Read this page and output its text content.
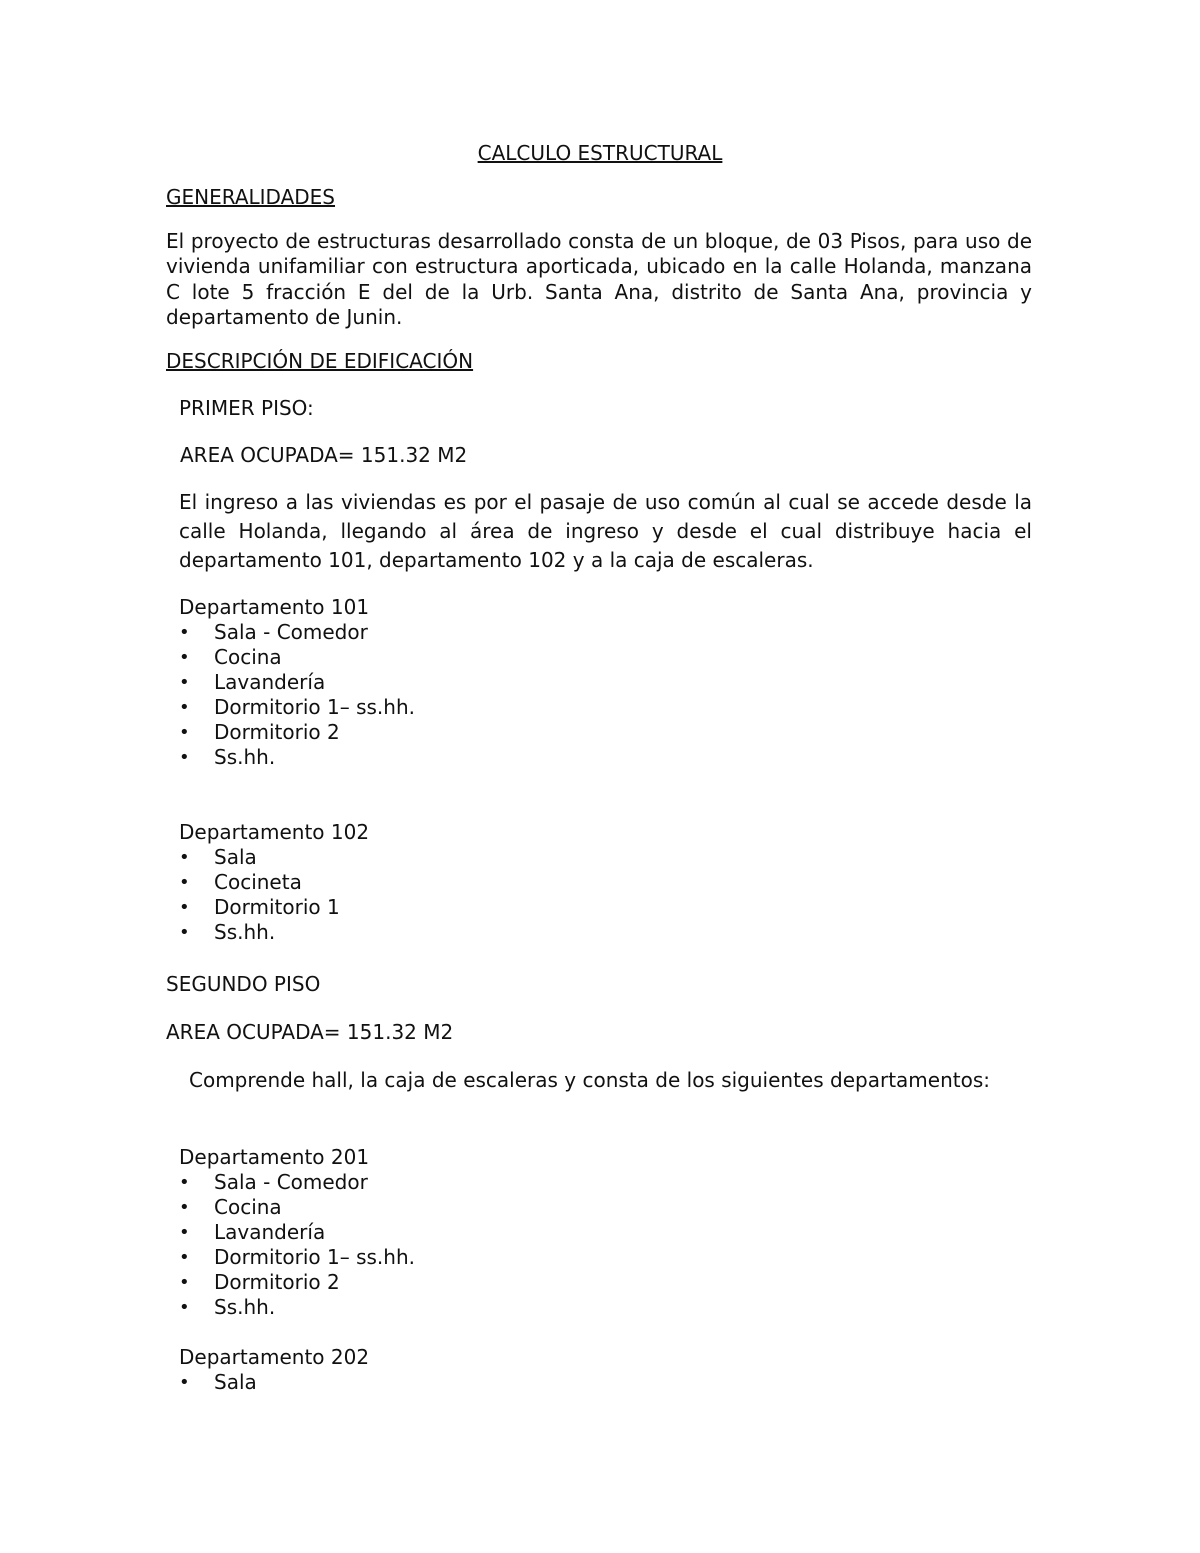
CALCULO ESTRUCTURAL
GENERALIDADES
El proyecto de estructuras desarrollado consta de un bloque, de 03 Pisos, para uso de vivienda unifamiliar con estructura aporticada, ubicado en la calle Holanda, manzana C lote 5 fracción E del de la Urb. Santa Ana, distrito de Santa Ana, provincia y departamento de Junin.
DESCRIPCIÓN DE EDIFICACIÓN
PRIMER PISO:
AREA OCUPADA= 151.32 M2
El ingreso a las viviendas es por el pasaje de uso común al cual se accede desde la calle Holanda, llegando al área de ingreso y desde el cual distribuye hacia el departamento 101, departamento 102 y a la caja de escaleras.
Departamento 101
• Sala - Comedor
• Cocina
• Lavandería
• Dormitorio 1– ss.hh.
• Dormitorio 2
• Ss.hh.
Departamento 102
• Sala
• Cocineta
• Dormitorio 1
• Ss.hh.
SEGUNDO PISO
AREA OCUPADA= 151.32 M2
Comprende hall, la caja de escaleras y consta de los siguientes departamentos:
Departamento 201
• Sala - Comedor
• Cocina
• Lavandería
• Dormitorio 1– ss.hh.
• Dormitorio 2
• Ss.hh.
Departamento 202
• Sala
